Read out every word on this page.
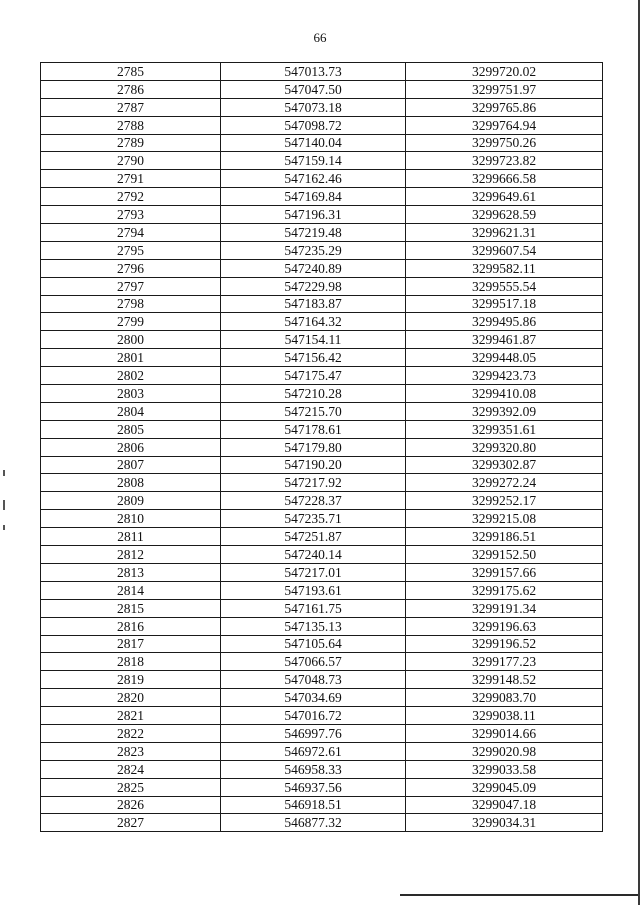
66
2785	547013.73	3299720.02
2786	547047.50	3299751.97
2787	547073.18	3299765.86
2788	547098.72	3299764.94
2789	547140.04	3299750.26
2790	547159.14	3299723.82
2791	547162.46	3299666.58
2792	547169.84	3299649.61
2793	547196.31	3299628.59
2794	547219.48	3299621.31
2795	547235.29	3299607.54
2796	547240.89	3299582.11
2797	547229.98	3299555.54
2798	547183.87	3299517.18
2799	547164.32	3299495.86
2800	547154.11	3299461.87
2801	547156.42	3299448.05
2802	547175.47	3299423.73
2803	547210.28	3299410.08
2804	547215.70	3299392.09
2805	547178.61	3299351.61
2806	547179.80	3299320.80
2807	547190.20	3299302.87
2808	547217.92	3299272.24
2809	547228.37	3299252.17
2810	547235.71	3299215.08
2811	547251.87	3299186.51
2812	547240.14	3299152.50
2813	547217.01	3299157.66
2814	547193.61	3299175.62
2815	547161.75	3299191.34
2816	547135.13	3299196.63
2817	547105.64	3299196.52
2818	547066.57	3299177.23
2819	547048.73	3299148.52
2820	547034.69	3299083.70
2821	547016.72	3299038.11
2822	546997.76	3299014.66
2823	546972.61	3299020.98
2824	546958.33	3299033.58
2825	546937.56	3299045.09
2826	546918.51	3299047.18
2827	546877.32	3299034.31
